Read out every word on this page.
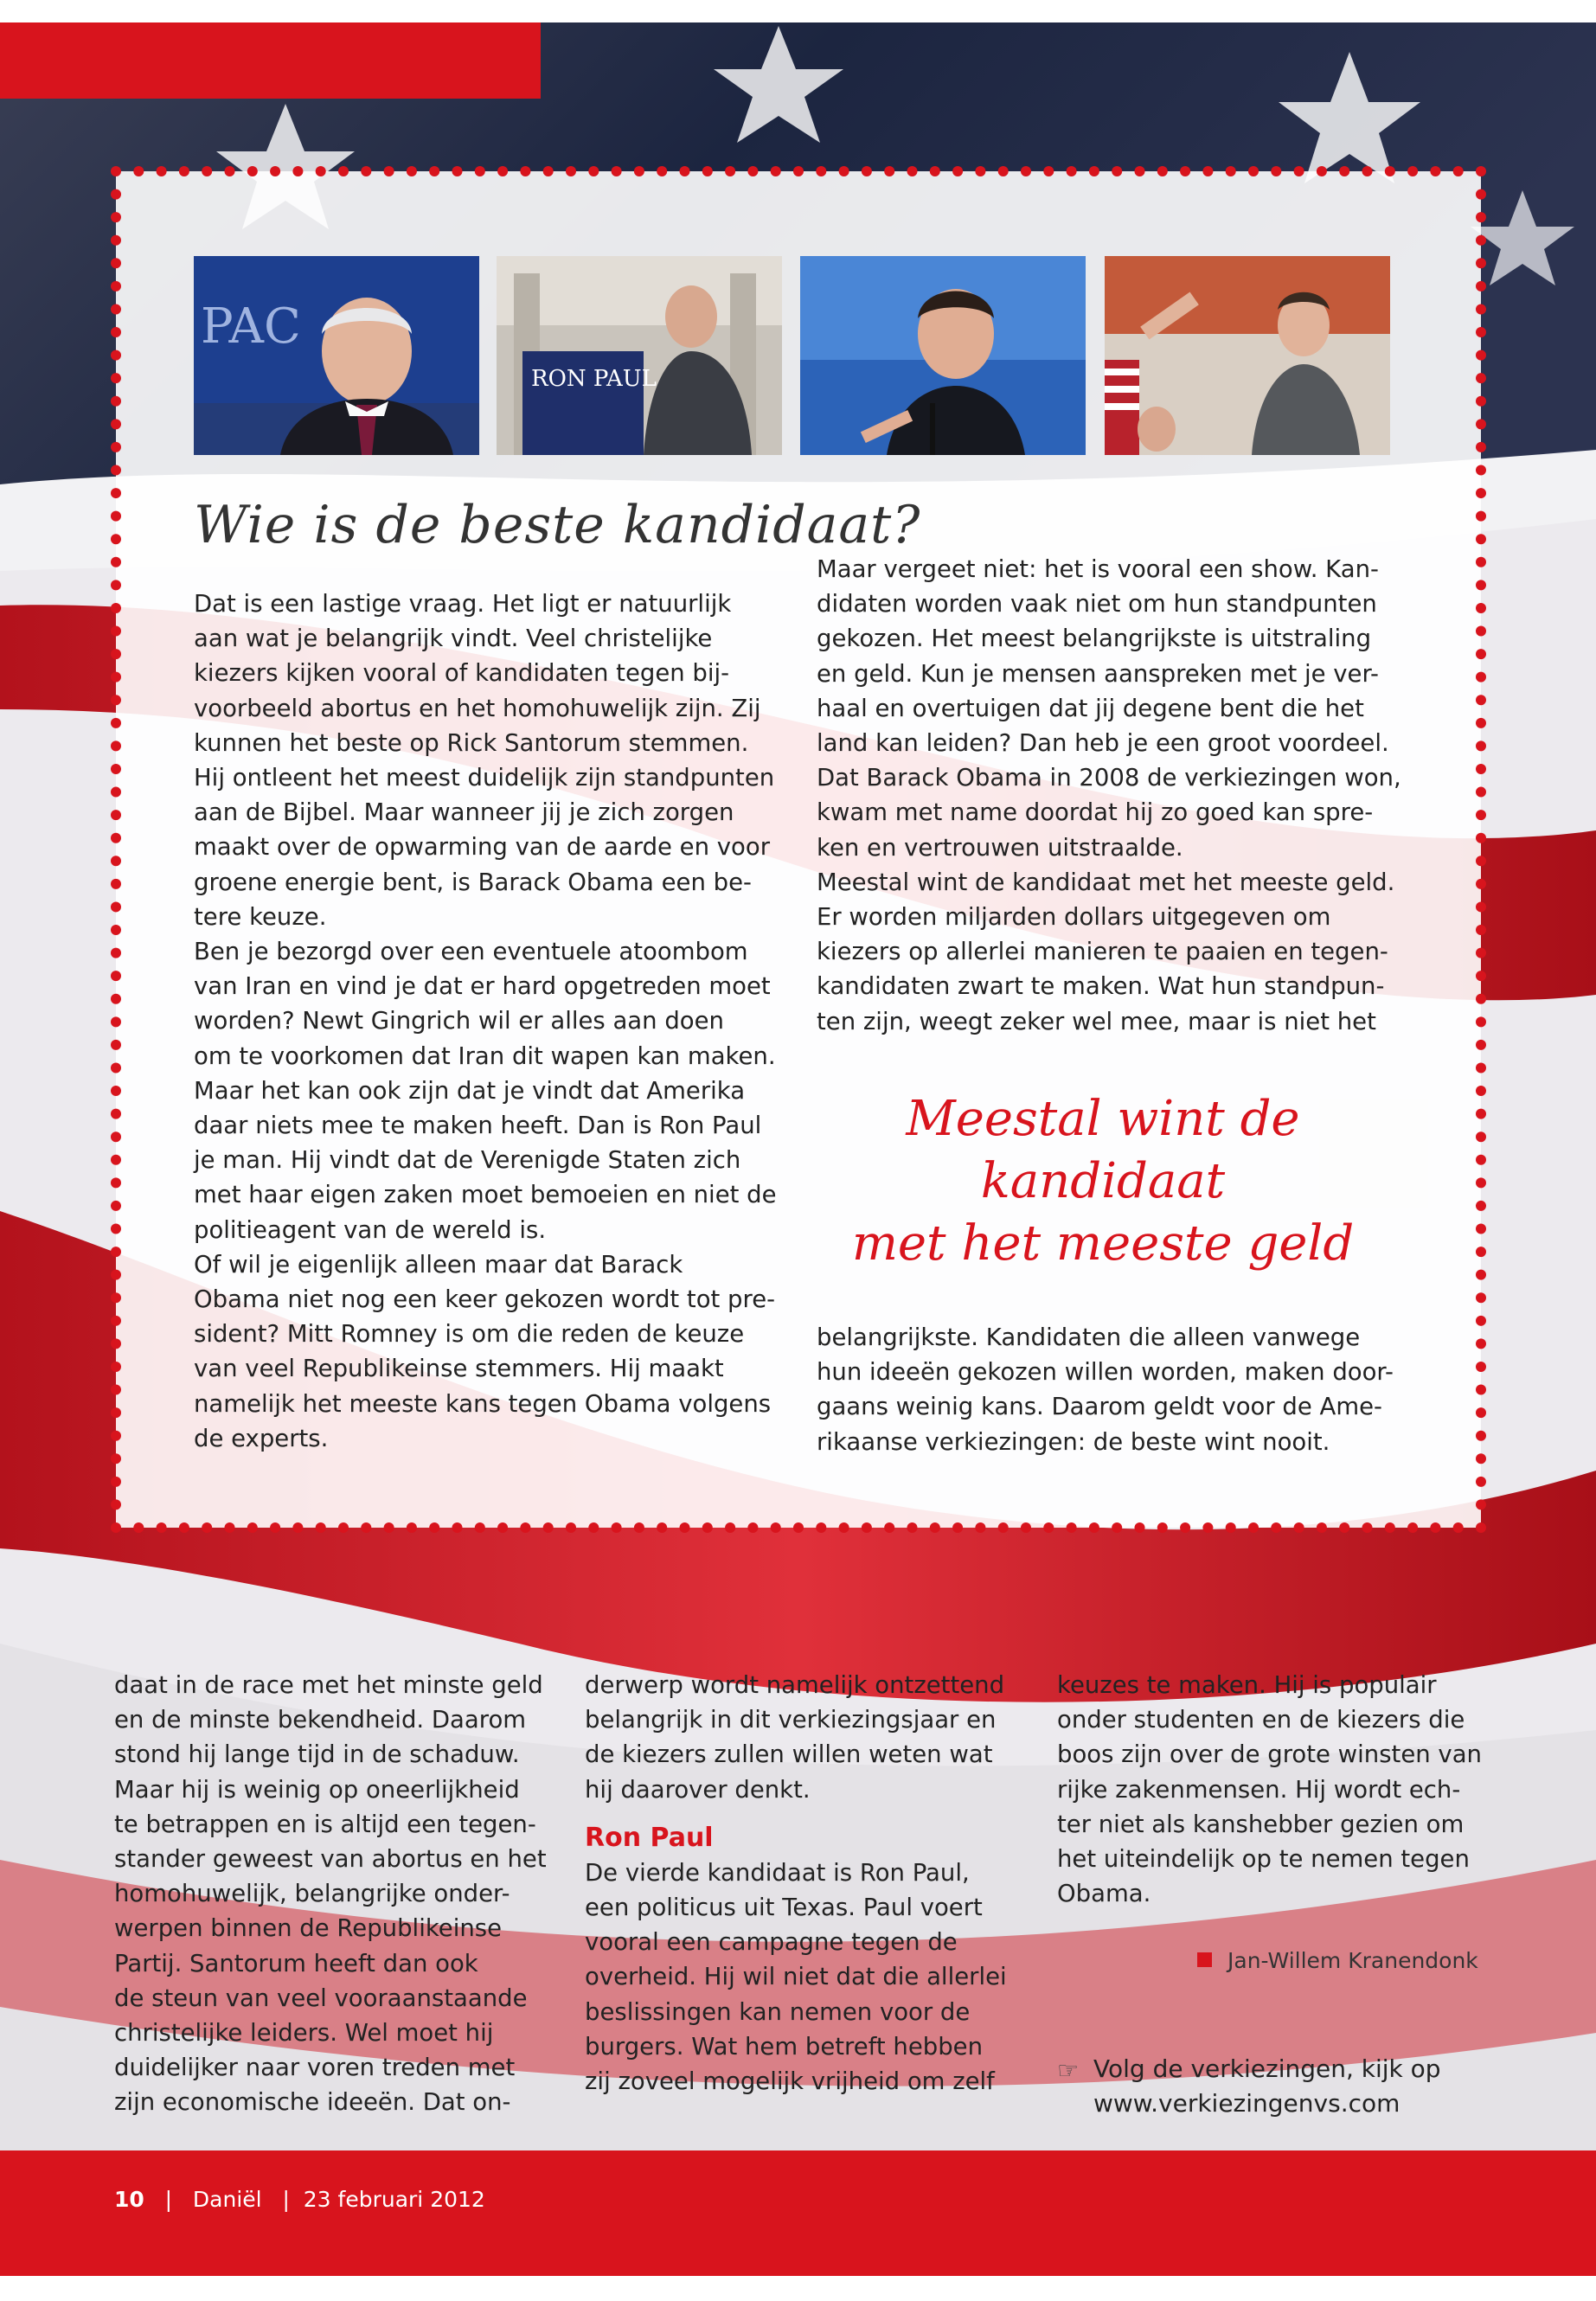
PAC
RON PAUL
Wie is de beste kandidaat?
Dat is een lastige vraag. Het ligt er natuurlijk
aan wat je belangrijk vindt. Veel christelijke
kiezers kijken vooral of kandidaten tegen bij-
voorbeeld abortus en het homohuwelijk zijn. Zij
kunnen het beste op Rick Santorum stemmen.
Hij ontleent het meest duidelijk zijn standpunten
aan de Bijbel. Maar wanneer jij je zich zorgen
maakt over de opwarming van de aarde en voor
groene energie bent, is Barack Obama een be-
tere keuze.
Ben je bezorgd over een eventuele atoombom
van Iran en vind je dat er hard opgetreden moet
worden? Newt Gingrich wil er alles aan doen
om te voorkomen dat Iran dit wapen kan maken.
Maar het kan ook zijn dat je vindt dat Amerika
daar niets mee te maken heeft. Dan is Ron Paul
je man. Hij vindt dat de Verenigde Staten zich
met haar eigen zaken moet bemoeien en niet de
politieagent van de wereld is.
Of wil je eigenlijk alleen maar dat Barack
Obama niet nog een keer gekozen wordt tot pre-
sident? Mitt Romney is om die reden de keuze
van veel Republikeinse stemmers. Hij maakt
namelijk het meeste kans tegen Obama volgens
de experts.
Maar vergeet niet: het is vooral een show. Kan-
didaten worden vaak niet om hun standpunten
gekozen. Het meest belangrijkste is uitstraling
en geld. Kun je mensen aanspreken met je ver-
haal en overtuigen dat jij degene bent die het
land kan leiden? Dan heb je een groot voordeel.
Dat Barack Obama in 2008 de verkiezingen won,
kwam met name doordat hij zo goed kan spre-
ken en vertrouwen uitstraalde.
Meestal wint de kandidaat met het meeste geld.
Er worden miljarden dollars uitgegeven om
kiezers op allerlei manieren te paaien en tegen-
kandidaten zwart te maken. Wat hun standpun-
ten zijn, weegt zeker wel mee, maar is niet het
Meestal wint de
kandidaat
met het meeste geld
belangrijkste. Kandidaten die alleen vanwege
hun ideeën gekozen willen worden, maken door-
gaans weinig kans. Daarom geldt voor de Ame-
rikaanse verkiezingen: de beste wint nooit.
daat in de race met het minste geld
en de minste bekendheid. Daarom
stond hij lange tijd in de schaduw.
Maar hij is weinig op oneerlijkheid
te betrappen en is altijd een tegen-
stander geweest van abortus en het
homohuwelijk, belangrijke onder-
werpen binnen de Republikeinse
Partij. Santorum heeft dan ook
de steun van veel vooraanstaande
christelijke leiders. Wel moet hij
duidelijker naar voren treden met
zijn economische ideeën. Dat on-
derwerp wordt namelijk ontzettend
belangrijk in dit verkiezingsjaar en
de kiezers zullen willen weten wat
hij daarover denkt.
Ron Paul
De vierde kandidaat is Ron Paul,
een politicus uit Texas. Paul voert
vooral een campagne tegen de
overheid. Hij wil niet dat die allerlei
beslissingen kan nemen voor de
burgers. Wat hem betreft hebben
zij zoveel mogelijk vrijheid om zelf
keuzes te maken. Hij is populair
onder studenten en de kiezers die
boos zijn over de grote winsten van
rijke zakenmensen. Hij wordt ech-
ter niet als kanshebber gezien om
het uiteindelijk op te nemen tegen
Obama.
Jan-Willem Kranendonk
☞ Volg de verkiezingen, kijk op
www.verkiezingenvs.com
10   |   Daniël   |  23 februari 2012
